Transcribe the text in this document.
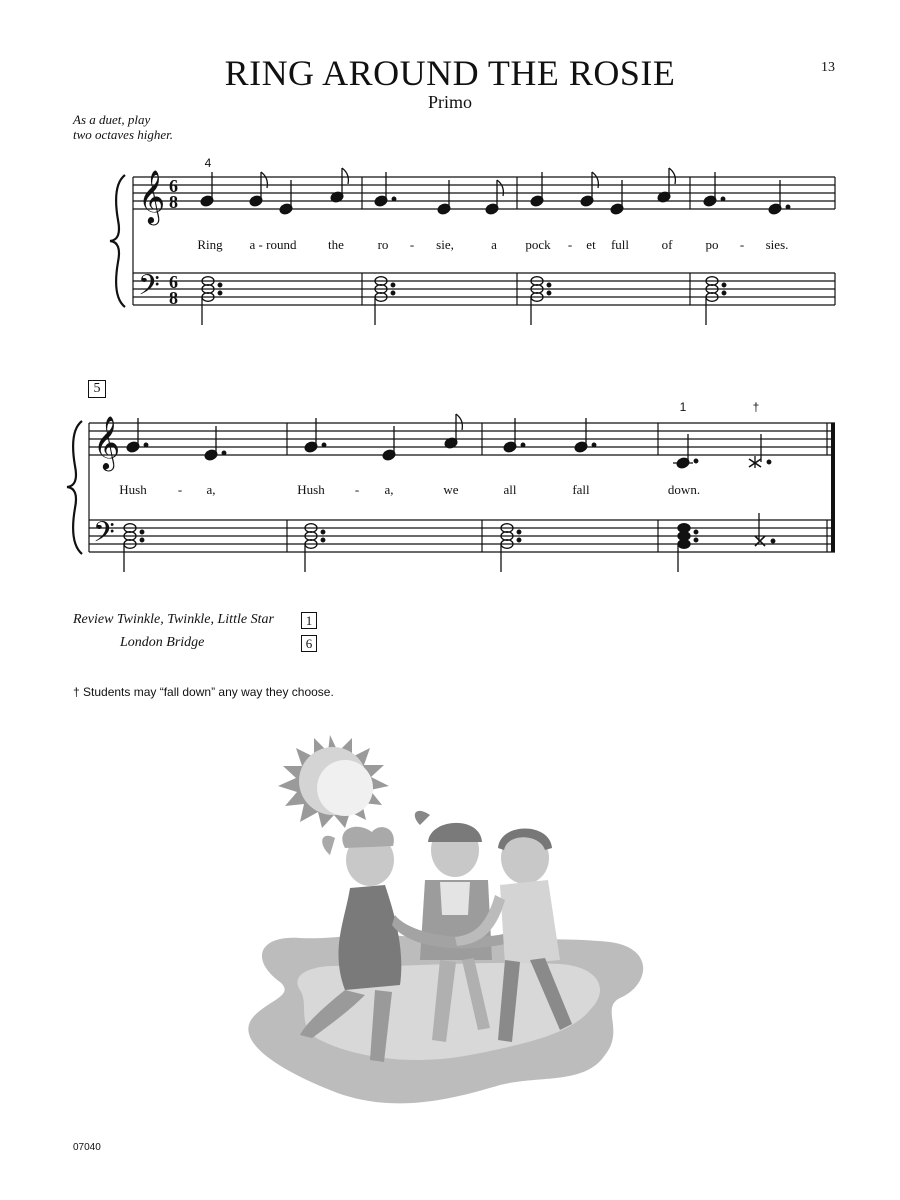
RING AROUND THE ROSIE
Primo
13
As a duet, play
two octaves higher.
𝄞
𝄢
6
8
6
8
𝄞
𝄢
4
1	†
5
Ring a - round the	ro - sie,	a pock - et full	of	po - sies.
Hush - a,	Hush - a,	we	all	fall	down.
Review Twinkle, Twinkle, Little Star	1
London Bridge	6
† Students may “fall down” any way they choose.
07040
